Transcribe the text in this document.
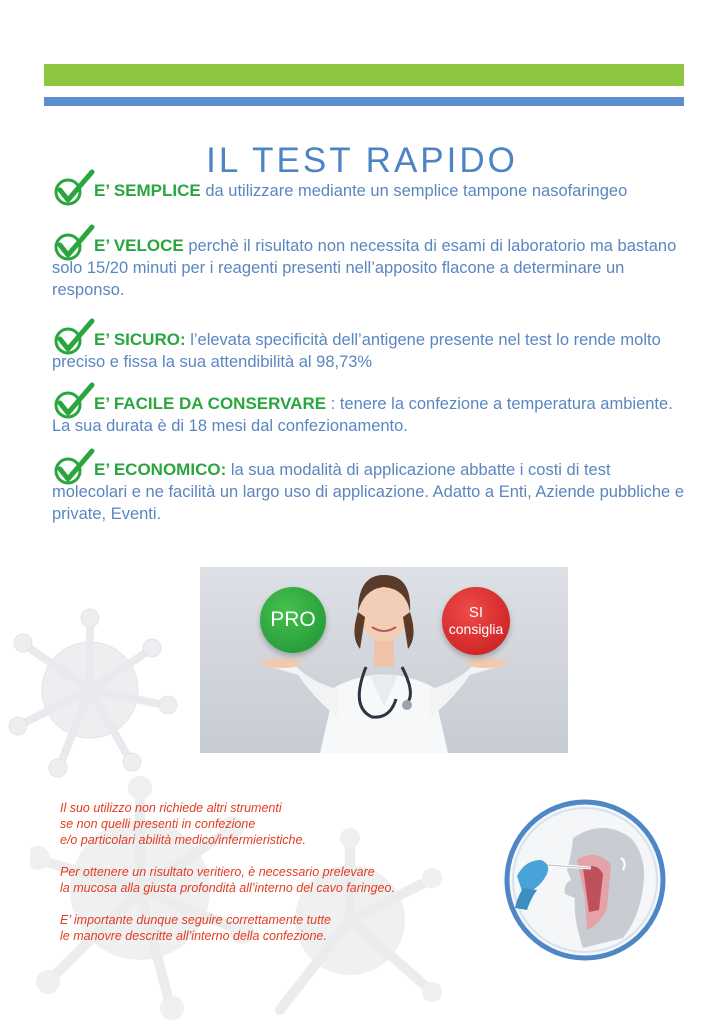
IL TEST RAPIDO
E’ SEMPLICE da utilizzare mediante un semplice tampone nasofaringeo
E’ VELOCE perchè il risultato non necessita di esami di laboratorio ma bastano solo 15/20 minuti per i reagenti presenti nell’apposito flacone a determinare un responso.
E’ SICURO: l’elevata specificità dell’antigene presente nel test lo rende molto preciso e fissa la sua attendibilità al 98,73%
E’ FACILE DA CONSERVARE : tenere la confezione a temperatura ambiente. La sua durata è di 18 mesi dal confezionamento.
E’ ECONOMICO: la sua modalità di applicazione abbatte i costi di test molecolari e ne facilità un largo uso di applicazione. Adatto a Enti, Aziende pubbliche e private, Eventi.
PRO	SI
consiglia

Il suo utilizzo non richiede altri strumenti
se non quelli presenti in confezione
e/o particolari abilità medico/infermieristiche.

Per ottenere un risultato veritiero, è necessario prelevare
la mucosa alla giusta profondità all’interno del cavo faringeo.

E’ importante dunque seguire correttamente tutte
le manovre descritte all’interno della confezione.
